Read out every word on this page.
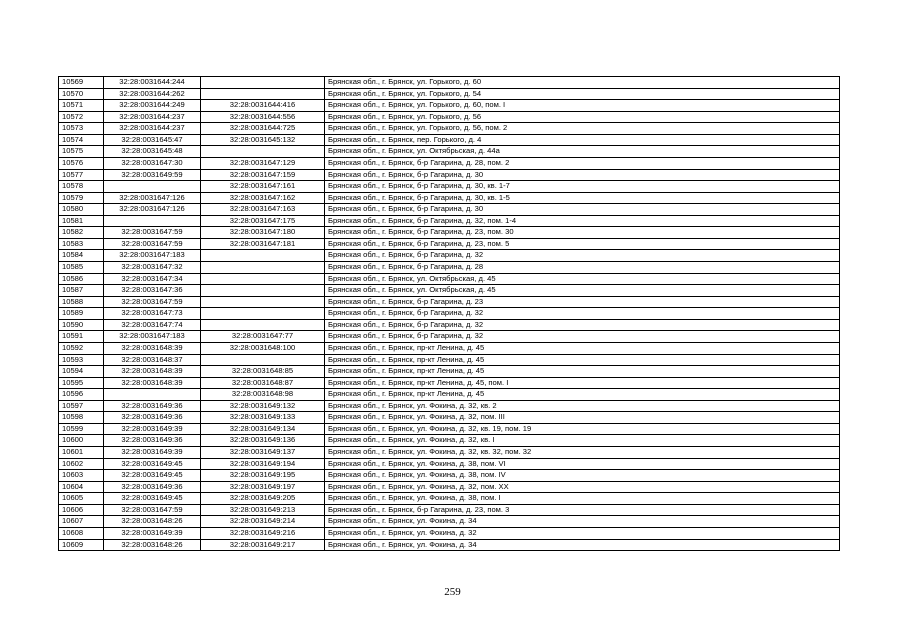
10569	32:28:0031644:244		Брянская обл., г. Брянск, ул. Горького, д. 60
10570	32:28:0031644:262		Брянская обл., г. Брянск, ул. Горького, д. 54
10571	32:28:0031644:249	32:28:0031644:416	Брянская обл., г. Брянск, ул. Горького, д. 60, пом. I
10572	32:28:0031644:237	32:28:0031644:556	Брянская обл., г. Брянск, ул. Горького, д. 56
10573	32:28:0031644:237	32:28:0031644:725	Брянская обл., г. Брянск, ул. Горького, д. 56, пом. 2
10574	32:28:0031645:47	32:28:0031645:132	Брянская обл., г. Брянск, пер. Горького, д. 4
10575	32:28:0031645:48		Брянская обл., г. Брянск, ул. Октябрьская, д. 44а
10576	32:28:0031647:30	32:28:0031647:129	Брянская обл., г. Брянск, б-р Гагарина, д. 28, пом. 2
10577	32:28:0031649:59	32:28:0031647:159	Брянская обл., г. Брянск, б-р Гагарина, д. 30
10578		32:28:0031647:161	Брянская обл., г. Брянск, б-р Гагарина, д. 30, кв. 1-7
10579	32:28:0031647:126	32:28:0031647:162	Брянская обл., г. Брянск, б-р Гагарина, д. 30, кв. 1-5
10580	32:28:0031647:126	32:28:0031647:163	Брянская обл., г. Брянск, б-р Гагарина, д. 30
10581		32:28:0031647:175	Брянская обл., г. Брянск, б-р Гагарина, д. 32, пом. 1-4
10582	32:28:0031647:59	32:28:0031647:180	Брянская обл., г. Брянск, б-р Гагарина, д. 23, пом. 30
10583	32:28:0031647:59	32:28:0031647:181	Брянская обл., г. Брянск, б-р Гагарина, д. 23, пом. 5
10584	32:28:0031647:183		Брянская обл., г. Брянск, б-р Гагарина, д. 32
10585	32:28:0031647:32		Брянская обл., г. Брянск, б-р Гагарина, д. 28
10586	32:28:0031647:34		Брянская обл., г. Брянск, ул. Октябрьская, д. 45
10587	32:28:0031647:36		Брянская обл., г. Брянск, ул. Октябрьская, д. 45
10588	32:28:0031647:59		Брянская обл., г. Брянск, б-р Гагарина, д. 23
10589	32:28:0031647:73		Брянская обл., г. Брянск, б-р Гагарина, д. 32
10590	32:28:0031647:74		Брянская обл., г. Брянск, б-р Гагарина, д. 32
10591	32:28:0031647:183	32:28:0031647:77	Брянская обл., г. Брянск, б-р Гагарина, д. 32
10592	32:28:0031648:39	32:28:0031648:100	Брянская обл., г. Брянск, пр-кт Ленина, д. 45
10593	32:28:0031648:37		Брянская обл., г. Брянск, пр-кт Ленина, д. 45
10594	32:28:0031648:39	32:28:0031648:85	Брянская обл., г. Брянск, пр-кт Ленина, д. 45
10595	32:28:0031648:39	32:28:0031648:87	Брянская обл., г. Брянск, пр-кт Ленина, д. 45, пом. I
10596		32:28:0031648:98	Брянская обл., г. Брянск, пр-кт Ленина, д. 45
10597	32:28:0031649:36	32:28:0031649:132	Брянская обл., г. Брянск, ул. Фокина, д. 32, кв. 2
10598	32:28:0031649:36	32:28:0031649:133	Брянская обл., г. Брянск, ул. Фокина, д. 32, пом. III
10599	32:28:0031649:39	32:28:0031649:134	Брянская обл., г. Брянск, ул. Фокина, д. 32, кв. 19, пом. 19
10600	32:28:0031649:36	32:28:0031649:136	Брянская обл., г. Брянск, ул. Фокина, д. 32, кв. I
10601	32:28:0031649:39	32:28:0031649:137	Брянская обл., г. Брянск, ул. Фокина, д. 32, кв. 32, пом. 32
10602	32:28:0031649:45	32:28:0031649:194	Брянская обл., г. Брянск, ул. Фокина, д. 38, пом. VI
10603	32:28:0031649:45	32:28:0031649:195	Брянская обл., г. Брянск, ул. Фокина, д. 38, пом. IV
10604	32:28:0031649:36	32:28:0031649:197	Брянская обл., г. Брянск, ул. Фокина, д. 32, пом. XX
10605	32:28:0031649:45	32:28:0031649:205	Брянская обл., г. Брянск, ул. Фокина, д. 38, пом. I
10606	32:28:0031647:59	32:28:0031649:213	Брянская обл., г. Брянск, б-р Гагарина, д. 23, пом. 3
10607	32:28:0031648:26	32:28:0031649:214	Брянская обл., г. Брянск, ул. Фокина, д. 34
10608	32:28:0031649:39	32:28:0031649:216	Брянская обл., г. Брянск, ул. Фокина, д. 32
10609	32:28:0031648:26	32:28:0031649:217	Брянская обл., г. Брянск, ул. Фокина, д. 34
259
